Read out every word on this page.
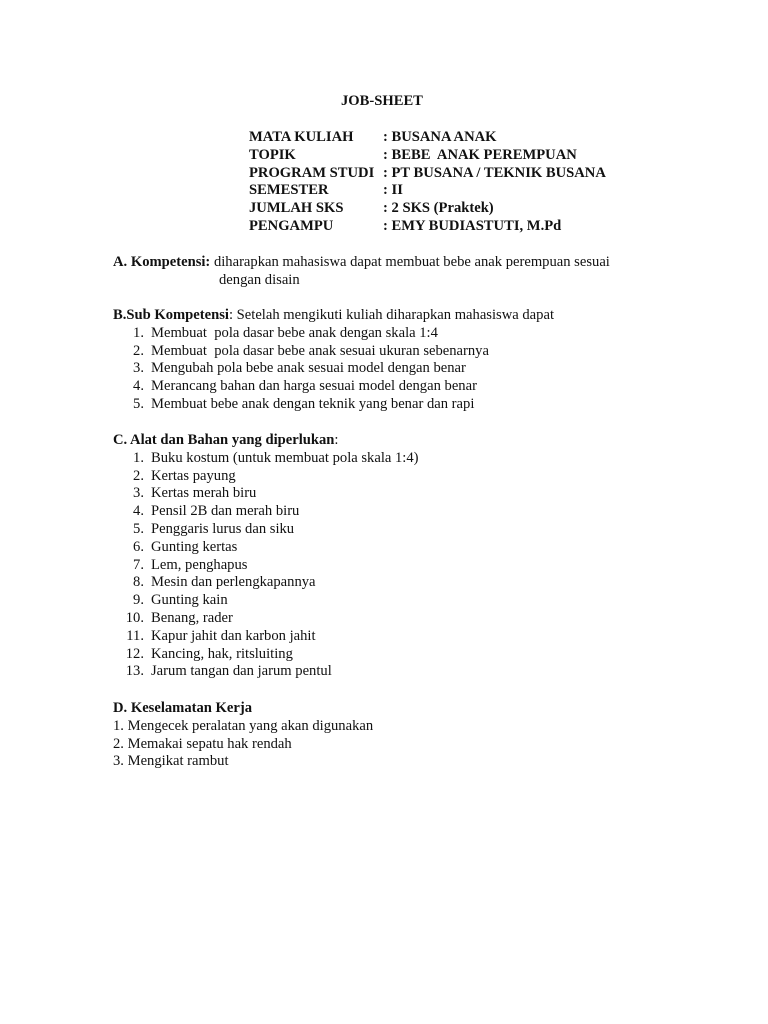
JOB-SHEET
MATA KULIAH : BUSANA ANAK
TOPIK	: BEBE  ANAK PEREMPUAN
PROGRAM STUDI : PT BUSANA / TEKNIK BUSANA
SEMESTER	: II
JUMLAH SKS	: 2 SKS (Praktek)
PENGAMPU	: EMY BUDIASTUTI, M.Pd
A. Kompetensi: diharapkan mahasiswa dapat membuat bebe anak perempuan sesuai
dengan disain
B.Sub Kompetensi: Setelah mengikuti kuliah diharapkan mahasiswa dapat
1. Membuat  pola dasar bebe anak dengan skala 1:4
2. Membuat  pola dasar bebe anak sesuai ukuran sebenarnya
3. Mengubah pola bebe anak sesuai model dengan benar
4. Merancang bahan dan harga sesuai model dengan benar
5. Membuat bebe anak dengan teknik yang benar dan rapi
C. Alat dan Bahan yang diperlukan:
1. Buku kostum (untuk membuat pola skala 1:4)
2. Kertas payung
3. Kertas merah biru
4. Pensil 2B dan merah biru
5. Penggaris lurus dan siku
6. Gunting kertas
7. Lem, penghapus
8. Mesin dan perlengkapannya
9. Gunting kain
10. Benang, rader
11. Kapur jahit dan karbon jahit
12. Kancing, hak, ritsluiting
13. Jarum tangan dan jarum pentul
D. Keselamatan Kerja
1. Mengecek peralatan yang akan digunakan
2. Memakai sepatu hak rendah
3. Mengikat rambut
